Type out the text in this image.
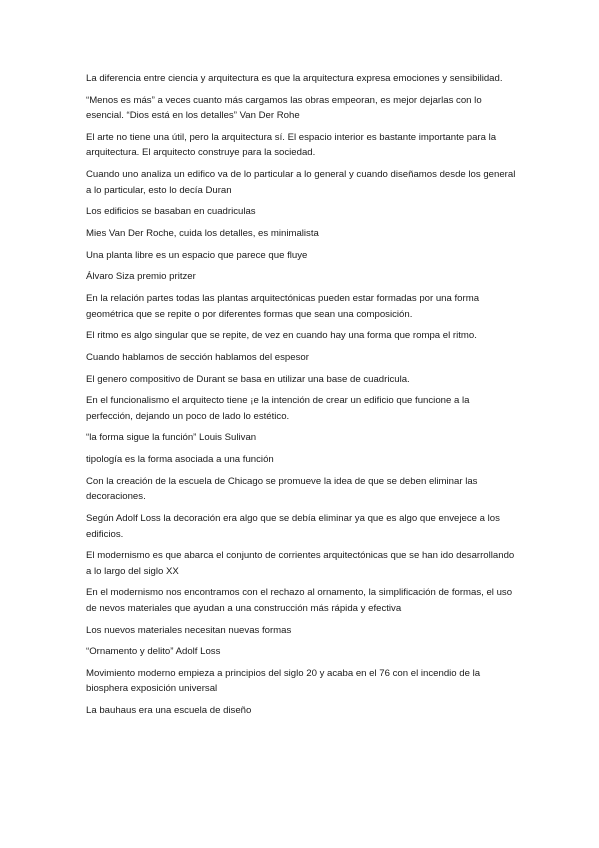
La diferencia entre ciencia y arquitectura es que la arquitectura expresa emociones y sensibilidad.

“Menos es más” a veces cuanto más cargamos las obras empeoran, es mejor dejarlas con lo esencial. “Dios está en los detalles” Van Der Rohe

El arte no tiene una útil, pero la arquitectura sí. El espacio interior es bastante importante para la arquitectura. El arquitecto construye para la sociedad.

Cuando uno analiza un edifico va de lo particular a lo general y cuando diseñamos desde los general a lo particular, esto lo decía Duran

Los edificios se basaban en cuadriculas

Mies Van Der Roche, cuida los detalles, es minimalista

Una planta libre es un espacio que parece que fluye

Álvaro Siza premio pritzer

En la relación partes todas las plantas arquitectónicas pueden estar formadas por una forma geométrica que se repite o por diferentes formas que sean una composición.

El ritmo es algo singular que se repite, de vez en cuando hay una forma que rompa el ritmo.

Cuando hablamos de sección hablamos del espesor

El genero compositivo de Durant se basa en utilizar una base de cuadricula.

En el funcionalismo el arquitecto tiene ¡e la intención de crear un edificio que funcione a la perfección, dejando un poco de lado lo estético.

“la forma sigue la función” Louis Sulivan

tipología es la forma asociada a una función

Con la creación de la escuela de Chicago se promueve la idea de que se deben eliminar las decoraciones.

Según Adolf Loss la decoración era algo que se debía eliminar ya que es algo que envejece a los edificios.

El modernismo es que abarca el conjunto de corrientes arquitectónicas que se han ido desarrollando a lo largo del siglo XX

En el modernismo nos encontramos con el rechazo al ornamento, la simplificación de formas, el uso de nevos materiales que ayudan a una construcción más rápida y efectiva

Los nuevos materiales necesitan nuevas formas

“Ornamento y delito” Adolf Loss

Movimiento moderno empieza a principios del siglo 20 y acaba en el 76 con el incendio de la biosphera exposición universal

La bauhaus era una escuela de diseño
